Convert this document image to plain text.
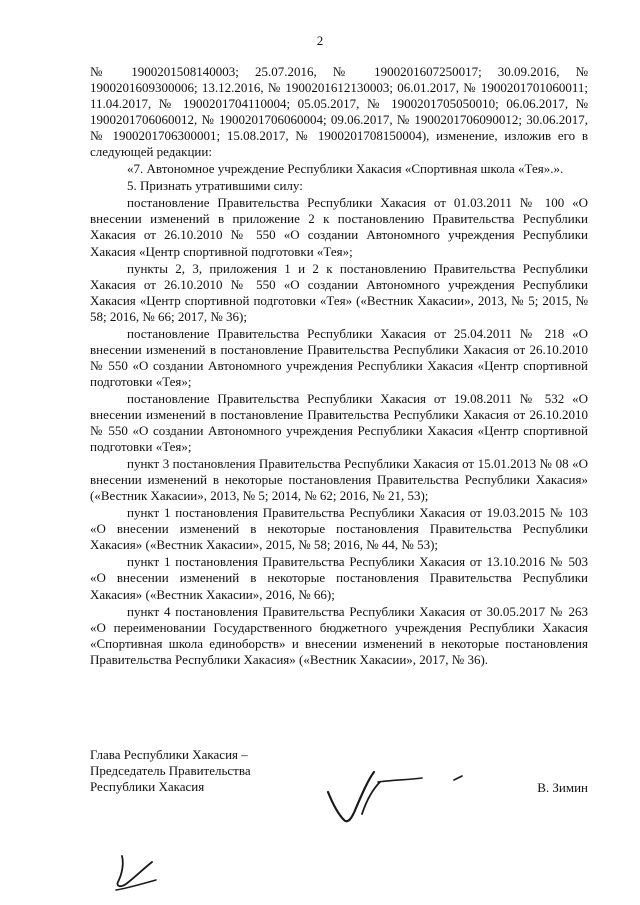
2

№ 1900201508140003; 25.07.2016, № 1900201607250017; 30.09.2016, № 1900201609300006; 13.12.2016, № 1900201612130003; 06.01.2017, № 1900201701060011; 11.04.2017, № 1900201704110004; 05.05.2017, № 1900201705050010; 06.06.2017, № 1900201706060012, № 1900201706060004; 09.06.2017, № 1900201706090012; 30.06.2017, № 1900201706300001; 15.08.2017, № 1900201708150004), изменение, изложив его в следующей редакции:

«7. Автономное учреждение Республики Хакасия «Спортивная школа «Тея».».

5. Признать утратившими силу:

постановление Правительства Республики Хакасия от 01.03.2011 № 100 «О внесении изменений в приложение 2 к постановлению Правительства Республики Хакасия от 26.10.2010 № 550 «О создании Автономного учреждения Республики Хакасия «Центр спортивной подготовки «Тея»;

пункты 2, 3, приложения 1 и 2 к постановлению Правительства Республики Хакасия от 26.10.2010 № 550 «О создании Автономного учреждения Республики Хакасия «Центр спортивной подготовки «Тея» («Вестник Хакасии», 2013, № 5; 2015, № 58; 2016, № 66; 2017, № 36);

постановление Правительства Республики Хакасия от 25.04.2011 № 218 «О внесении изменений в постановление Правительства Республики Хакасия от 26.10.2010 № 550 «О создании Автономного учреждения Республики Хакасия «Центр спортивной подготовки «Тея»;

постановление Правительства Республики Хакасия от 19.08.2011 № 532 «О внесении изменений в постановление Правительства Республики Хакасия от 26.10.2010 № 550 «О создании Автономного учреждения Республики Хакасия «Центр спортивной подготовки «Тея»;

пункт 3 постановления Правительства Республики Хакасия от 15.01.2013 № 08 «О внесении изменений в некоторые постановления Правительства Республики Хакасия» («Вестник Хакасии», 2013, № 5; 2014, № 62; 2016, № 21, 53);

пункт 1 постановления Правительства Республики Хакасия от 19.03.2015 № 103 «О внесении изменений в некоторые постановления Правительства Республики Хакасия» («Вестник Хакасии», 2015, № 58; 2016, № 44, № 53);

пункт 1 постановления Правительства Республики Хакасия от 13.10.2016 № 503 «О внесении изменений в некоторые постановления Правительства Республики Хакасия» («Вестник Хакасии», 2016, № 66);

пункт 4 постановления Правительства Республики Хакасия от 30.05.2017 № 263 «О переименовании Государственного бюджетного учреждения Республики Хакасия «Спортивная школа единоборств» и внесении изменений в некоторые постановления Правительства Республики Хакасия» («Вестник Хакасии», 2017, № 36).

Глава Республики Хакасия –
Председатель Правительства
Республики Хакасия	В. Зимин
